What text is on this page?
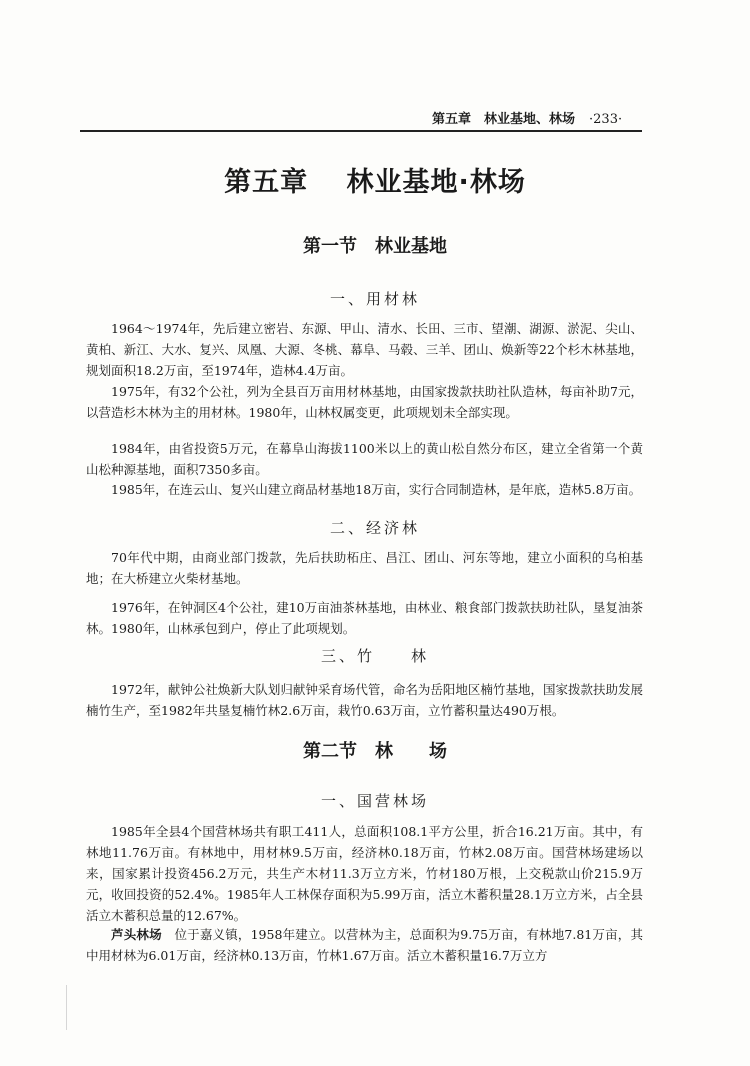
第五章　林业基地、林场 ·233·
第五章　 林业基地·林场
第一节　林业基地
一、用材林

1964～1974年，先后建立密岩、东源、甲山、清水、长田、三市、望潮、湖源、淤泥、尖山、黄柏、新江、大水、复兴、凤凰、大源、冬桃、幕阜、马毂、三羊、团山、焕新等22个杉木林基地，规划面积18.2万亩，至1974年，造林4.4万亩。

1975年，有32个公社，列为全县百万亩用材林基地，由国家拨款扶助社队造林，每亩补助7元，以营造杉木林为主的用材林。1980年，山林权属变更，此项规划未全部实现。

1984年，由省投资5万元，在幕阜山海拔1100米以上的黄山松自然分布区，建立全省第一个黄山松种源基地，面积7350多亩。

1985年，在连云山、复兴山建立商品材基地18万亩，实行合同制造林，是年底，造林5.8万亩。

二、经济林

70年代中期，由商业部门拨款，先后扶助柘庄、昌江、团山、河东等地，建立小面积的乌桕基地；在大桥建立火柴材基地。

1976年，在钟洞区4个公社，建10万亩油茶林基地，由林业、粮食部门拨款扶助社队，垦复油茶林。1980年，山林承包到户，停止了此项规划。

三、竹　　林

1972年，献钟公社焕新大队划归献钟采育场代管，命名为岳阳地区楠竹基地，国家拨款扶助发展楠竹生产，至1982年共垦复楠竹林2.6万亩，栽竹0.63万亩，立竹蓄积量达490万根。

第二节　林　　场
一、国营林场

1985年全县4个国营林场共有职工411人，总面积108.1平方公里，折合16.21万亩。其中，有林地11.76万亩。有林地中，用材林9.5万亩，经济林0.18万亩，竹林2.08万亩。国营林场建场以来，国家累计投资456.2万元，共生产木材11.3万立方米，竹材180万根，上交税款山价215.9万元，收回投资的52.4%。1985年人工林保存面积为5.99万亩，活立木蓄积量28.1万立方米，占全县活立木蓄积总量的12.67%。

芦头林场　位于嘉义镇，1958年建立。以营林为主，总面积为9.75万亩，有林地7.81万亩，其中用材林为6.01万亩，经济林0.13万亩，竹林1.67万亩。活立木蓄积量16.7万立方
